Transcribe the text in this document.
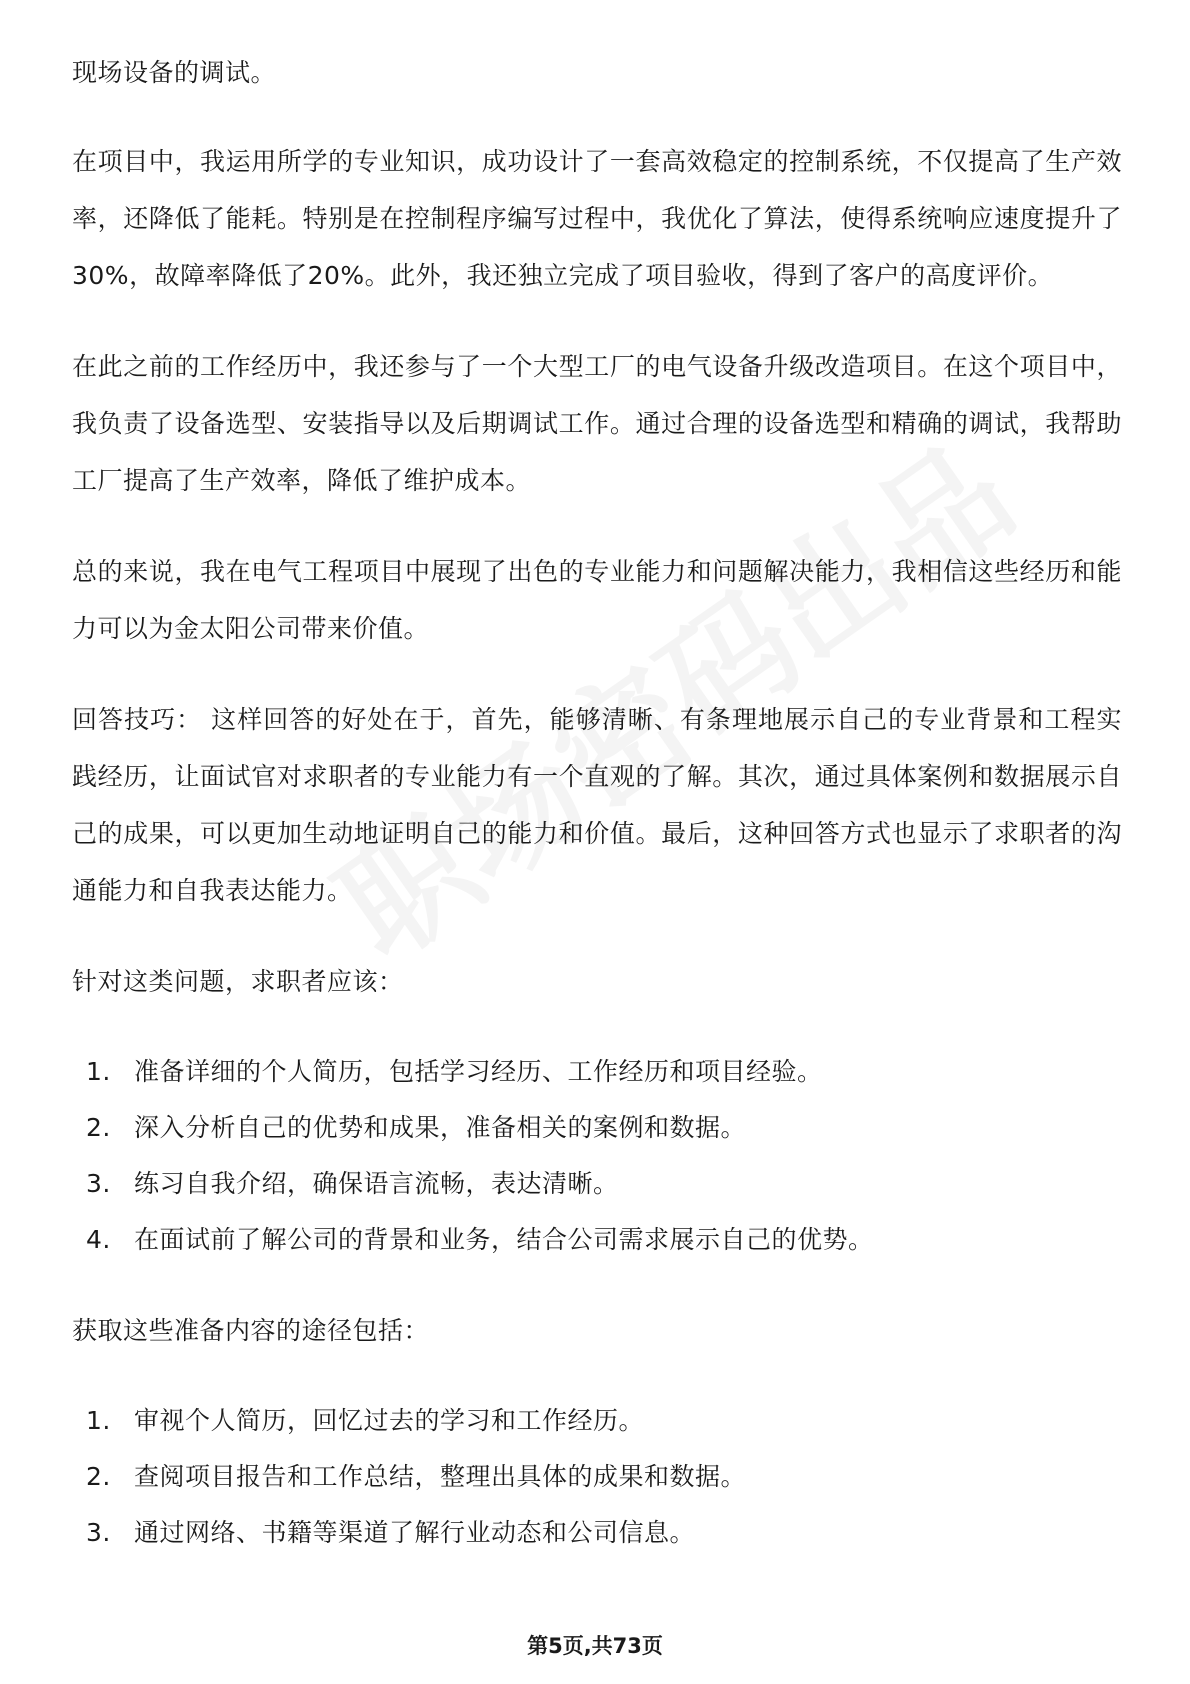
现场设备的调试。

在项目中，我运用所学的专业知识，成功设计了一套高效稳定的控制系统，不仅提高了生产效率，还降低了能耗。特别是在控制程序编写过程中，我优化了算法，使得系统响应速度提升了30%，故障率降低了20%。此外，我还独立完成了项目验收，得到了客户的高度评价。

在此之前的工作经历中，我还参与了一个大型工厂的电气设备升级改造项目。在这个项目中，我负责了设备选型、安装指导以及后期调试工作。通过合理的设备选型和精确的调试，我帮助工厂提高了生产效率，降低了维护成本。

总的来说，我在电气工程项目中展现了出色的专业能力和问题解决能力，我相信这些经历和能力可以为金太阳公司带来价值。

回答技巧： 这样回答的好处在于，首先，能够清晰、有条理地展示自己的专业背景和工程实践经历，让面试官对求职者的专业能力有一个直观的了解。其次，通过具体案例和数据展示自己的成果，可以更加生动地证明自己的能力和价值。最后，这种回答方式也显示了求职者的沟通能力和自我表达能力。

针对这类问题，求职者应该：

1. 准备详细的个人简历，包括学习经历、工作经历和项目经验。
2. 深入分析自己的优势和成果，准备相关的案例和数据。
3. 练习自我介绍，确保语言流畅，表达清晰。
4. 在面试前了解公司的背景和业务，结合公司需求展示自己的优势。

获取这些准备内容的途径包括：

1. 审视个人简历，回忆过去的学习和工作经历。
2. 查阅项目报告和工作总结，整理出具体的成果和数据。
3. 通过网络、书籍等渠道了解行业动态和公司信息。
第5页,共73页
